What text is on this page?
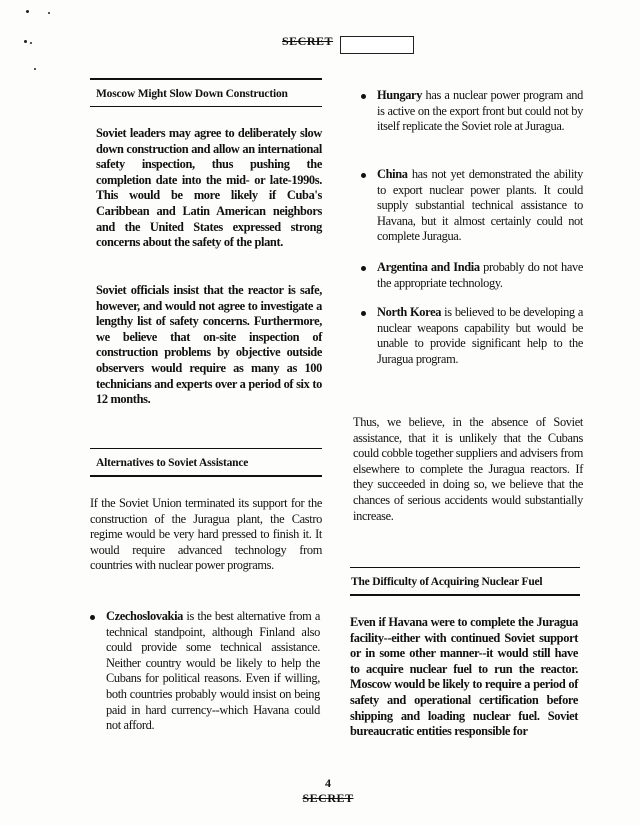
SECRET
Moscow Might Slow Down Construction
Soviet leaders may agree to deliberately slow down construction and allow an international safety inspection, thus pushing the completion date into the mid- or late-1990s. This would be more likely if Cuba's Caribbean and Latin American neighbors and the United States expressed strong concerns about the safety of the plant.
Soviet officials insist that the reactor is safe, however, and would not agree to investigate a lengthy list of safety concerns. Furthermore, we believe that on-site inspection of construction problems by objective outside observers would require as many as 100 technicians and experts over a period of six to 12 months.
Alternatives to Soviet Assistance
If the Soviet Union terminated its support for the construction of the Juragua plant, the Castro regime would be very hard pressed to finish it. It would require advanced technology from countries with nuclear power programs.
Czechoslovakia is the best alternative from a technical standpoint, although Finland also could provide some technical assistance. Neither country would be likely to help the Cubans for political reasons. Even if willing, both countries probably would insist on being paid in hard currency--which Havana could not afford.
Hungary has a nuclear power program and is active on the export front but could not by itself replicate the Soviet role at Juragua.
China has not yet demonstrated the ability to export nuclear power plants. It could supply substantial technical assistance to Havana, but it almost certainly could not complete Juragua.
Argentina and India probably do not have the appropriate technology.
North Korea is believed to be developing a nuclear weapons capability but would be unable to provide significant help to the Juragua program.
Thus, we believe, in the absence of Soviet assistance, that it is unlikely that the Cubans could cobble together suppliers and advisers from elsewhere to complete the Juragua reactors. If they succeeded in doing so, we believe that the chances of serious accidents would substantially increase.
The Difficulty of Acquiring Nuclear Fuel
Even if Havana were to complete the Juragua facility--either with continued Soviet support or in some other manner--it would still have to acquire nuclear fuel to run the reactor. Moscow would be likely to require a period of safety and operational certification before shipping and loading nuclear fuel. Soviet bureaucratic entities responsible for
4
SECRET
